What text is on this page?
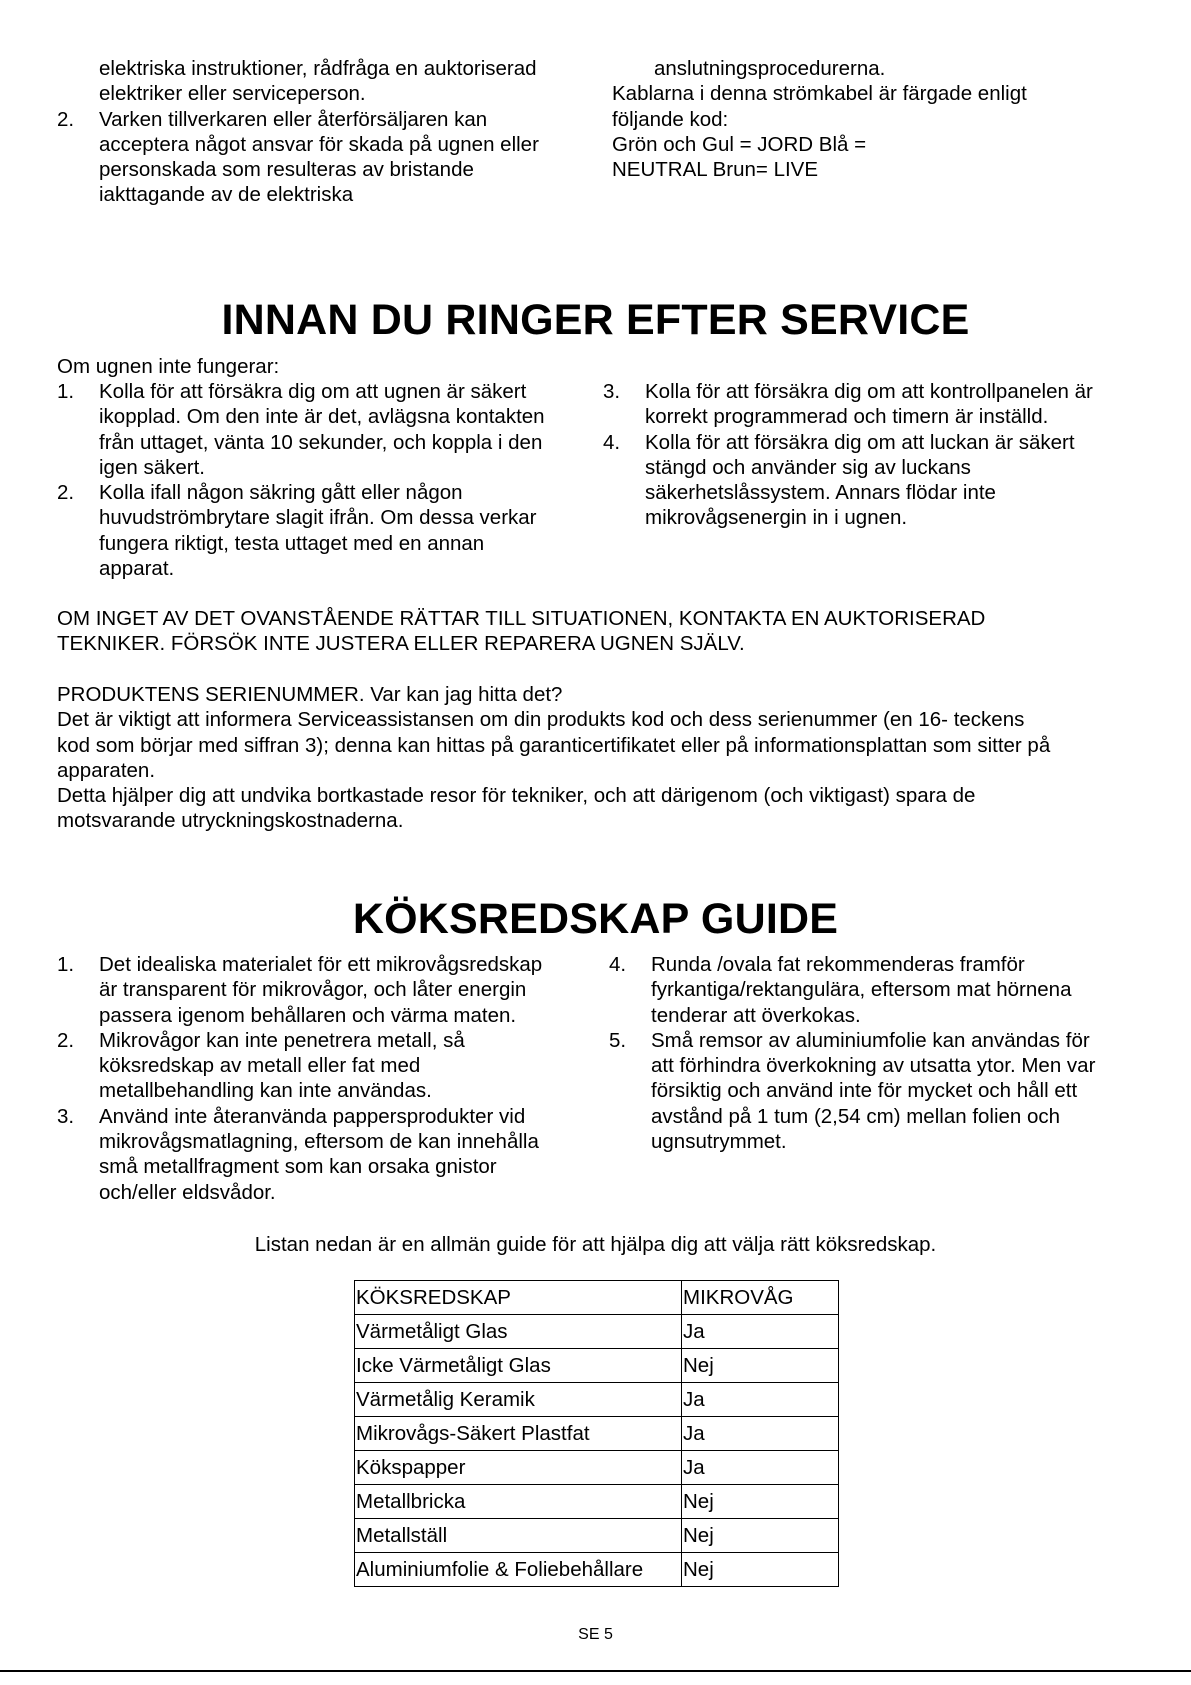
elektriska instruktioner, rådfråga en auktoriserad elektriker eller serviceperson.
2. Varken tillverkaren eller återförsäljaren kan
acceptera något ansvar för skada på ugnen eller
personskada som resulteras av bristande
iakttagande av de elektriska
anslutningsprocedurerna.
Kablarna i denna strömkabel är färgade enligt
följande kod:
Grön och Gul = JORD Blå =
NEUTRAL Brun= LIVE
INNAN DU RINGER EFTER SERVICE
Om ugnen inte fungerar:
1. Kolla för att försäkra dig om att ugnen är säkert
ikopplad. Om den inte är det, avlägsna kontakten
från uttaget, vänta 10 sekunder, och koppla i den
igen säkert.
2. Kolla ifall någon säkring gått eller någon
huvudströmbrytare slagit ifrån. Om dessa verkar
fungera riktigt, testa uttaget med en annan
apparat.
3. Kolla för att försäkra dig om att kontrollpanelen är
korrekt programmerad och timern är inställd.
4. Kolla för att försäkra dig om att luckan är säkert
stängd och använder sig av luckans
säkerhetslåssystem. Annars flödar inte
mikrovågsenergin in i ugnen.
OM INGET AV DET OVANSTÅENDE RÄTTAR TILL SITUATIONEN, KONTAKTA EN AUKTORISERAD
TEKNIKER. FÖRSÖK INTE JUSTERA ELLER REPARERA UGNEN SJÄLV.
PRODUKTENS SERIENUMMER. Var kan jag hitta det?
Det är viktigt att informera Serviceassistansen om din produkts kod och dess serienummer (en 16- teckens
kod som börjar med siffran 3); denna kan hittas på garanticertifikatet eller på informationsplattan som sitter på
apparaten.
Detta hjälper dig att undvika bortkastade resor för tekniker, och att därigenom (och viktigast) spara de
motsvarande utryckningskostnaderna.
KÖKSREDSKAP GUIDE
1. Det idealiska materialet för ett mikrovågsredskap
är transparent för mikrovågor, och låter energin
passera igenom behållaren och värma maten.
2. Mikrovågor kan inte penetrera metall, så
köksredskap av metall eller fat med
metallbehandling kan inte användas.
3. Använd inte återanvända pappersprodukter vid
mikrovågsmatlagning, eftersom de kan innehålla
små metallfragment som kan orsaka gnistor
och/eller eldsvådor.
4. Runda /ovala fat rekommenderas framför
fyrkantiga/rektangulära, eftersom mat hörnena
tenderar att överkokas.
5. Små remsor av aluminiumfolie kan användas för
att förhindra överkokning av utsatta ytor. Men var
försiktig och använd inte för mycket och håll ett
avstånd på 1 tum (2,54 cm) mellan folien och
ugnsutrymmet.
Listan nedan är en allmän guide för att hjälpa dig att välja rätt köksredskap.
KÖKSREDSKAP	MIKROVÅG
Värmetåligt Glas	Ja
Icke Värmetåligt Glas	Nej
Värmetålig Keramik	Ja
Mikrovågs-Säkert Plastfat	Ja
Kökspapper	Ja
Metallbricka	Nej
Metallställ	Nej
Aluminiumfolie & Foliebehållare	Nej
SE 5
